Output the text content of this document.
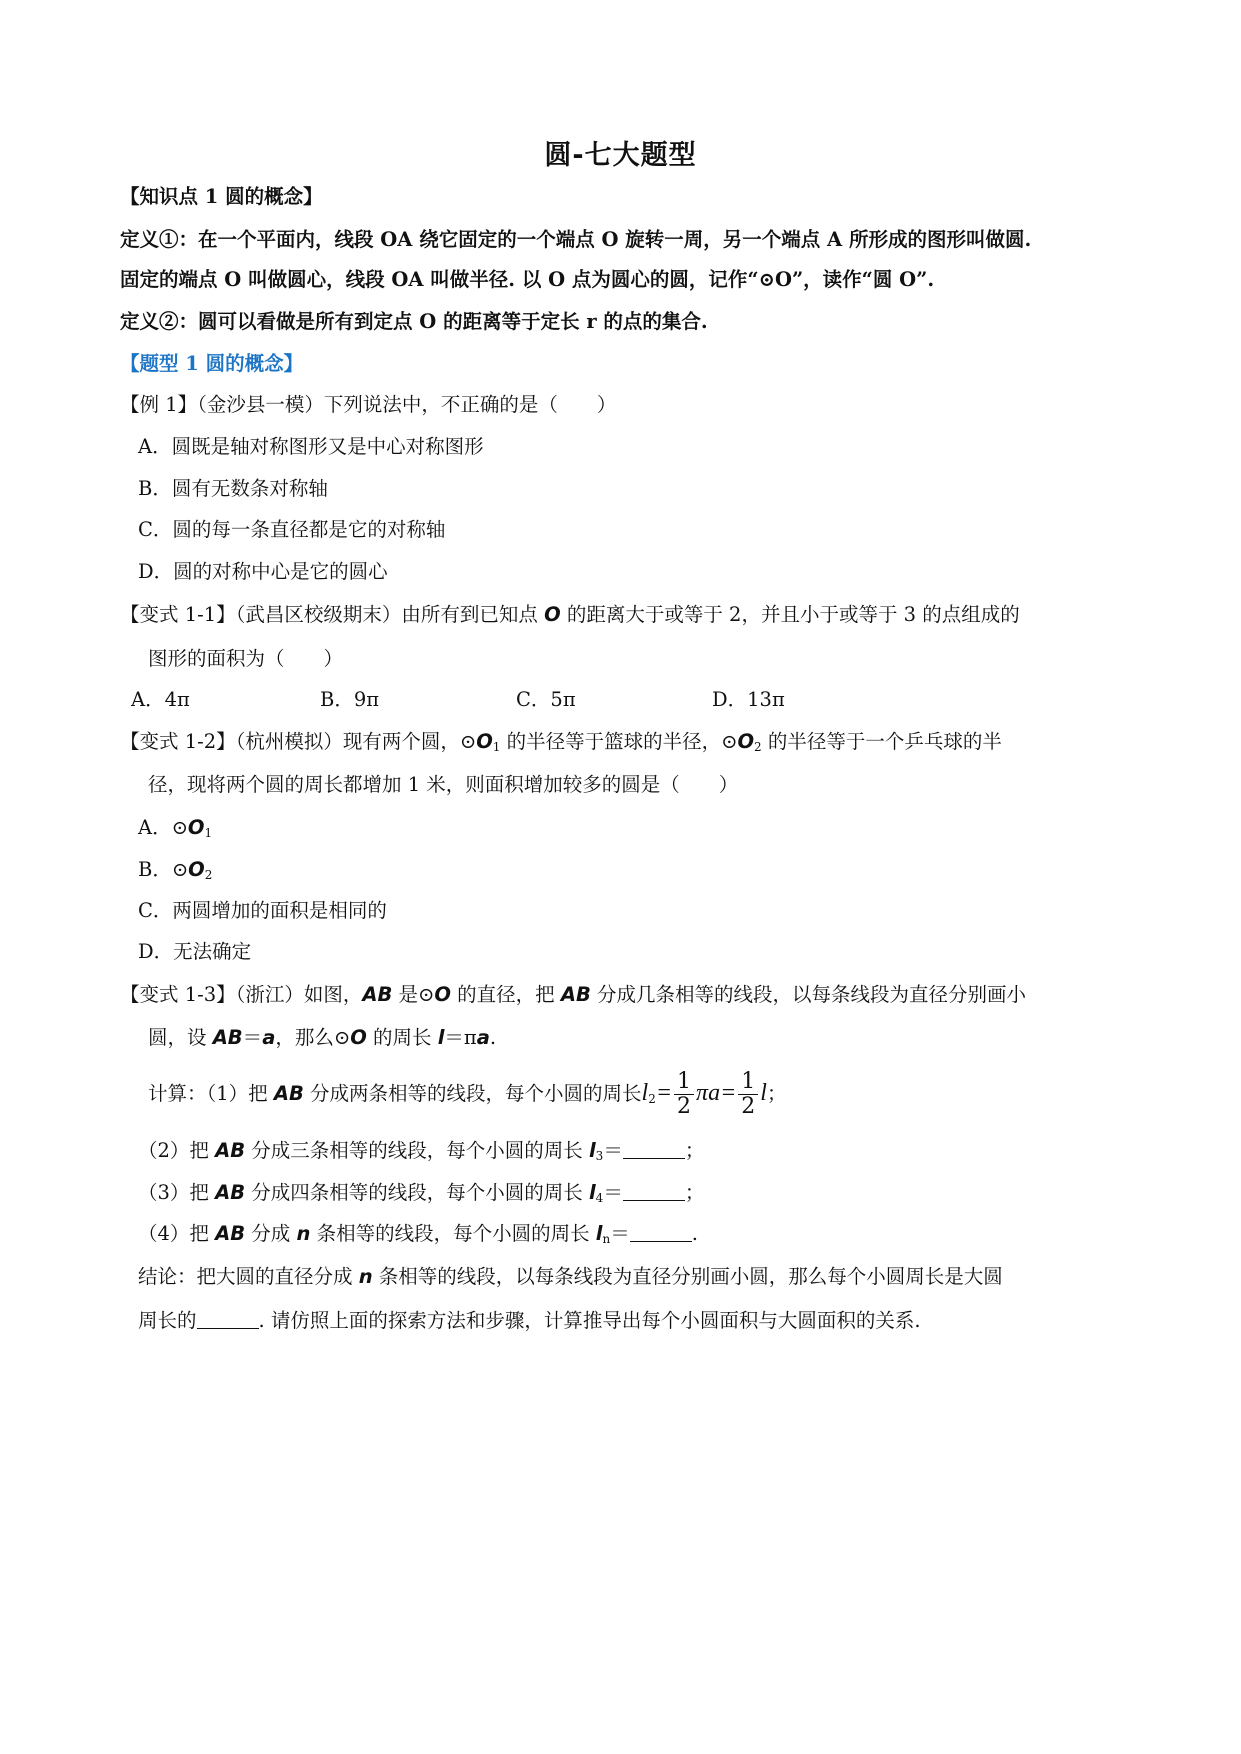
圆-七大题型
【知识点 1 圆的概念】
定义①：在一个平面内，线段 OA 绕它固定的一个端点 O 旋转一周，另一个端点 A 所形成的图形叫做圆.
固定的端点 O 叫做圆心，线段 OA 叫做半径. 以 O 点为圆心的圆，记作“⊙O”，读作“圆 O”.
定义②：圆可以看做是所有到定点 O 的距离等于定长 r 的点的集合.
【题型 1 圆的概念】
【例 1】（金沙县一模）下列说法中，不正确的是（　　）
A．圆既是轴对称图形又是中心对称图形
B．圆有无数条对称轴
C．圆的每一条直径都是它的对称轴
D．圆的对称中心是它的圆心
【变式 1-1】（武昌区校级期末）由所有到已知点 O 的距离大于或等于 2，并且小于或等于 3 的点组成的
图形的面积为（　　）
A．4π	B．9π	C．5π	D．13π
【变式 1-2】（杭州模拟）现有两个圆，$⊙O_1$ 的半径等于篮球的半径，$⊙O_2$ 的半径等于一个乒乓球的半
径，现将两个圆的周长都增加 1 米，则面积增加较多的圆是（　　）
A．$⊙O_1$
B．$⊙O_2$
C．两圆增加的面积是相同的
D．无法确定
【变式 1-3】（浙江）如图，AB 是⊙O 的直径，把 AB 分成几条相等的线段，以每条线段为直径分别画小
圆，设 AB＝a，那么⊙O 的周长 l＝πa.
计算：（1）把 AB 分成两条相等的线段，每个小圆的周长$l_2= \frac{1}{2} \pi a= \frac{1}{2}$ l；
（2）把 AB 分成三条相等的线段，每个小圆的周长 $l_3=$	；
（3）把 AB 分成四条相等的线段，每个小圆的周长 $l_4=$	；
（4）把 AB 分成 n 条相等的线段，每个小圆的周长 $l_n=$	.
结论：把大圆的直径分成 n 条相等的线段，以每条线段为直径分别画小圆，那么每个小圆周长是大圆
周长的	. 请仿照上面的探索方法和步骤，计算推导出每个小圆面积与大圆面积的关系.
